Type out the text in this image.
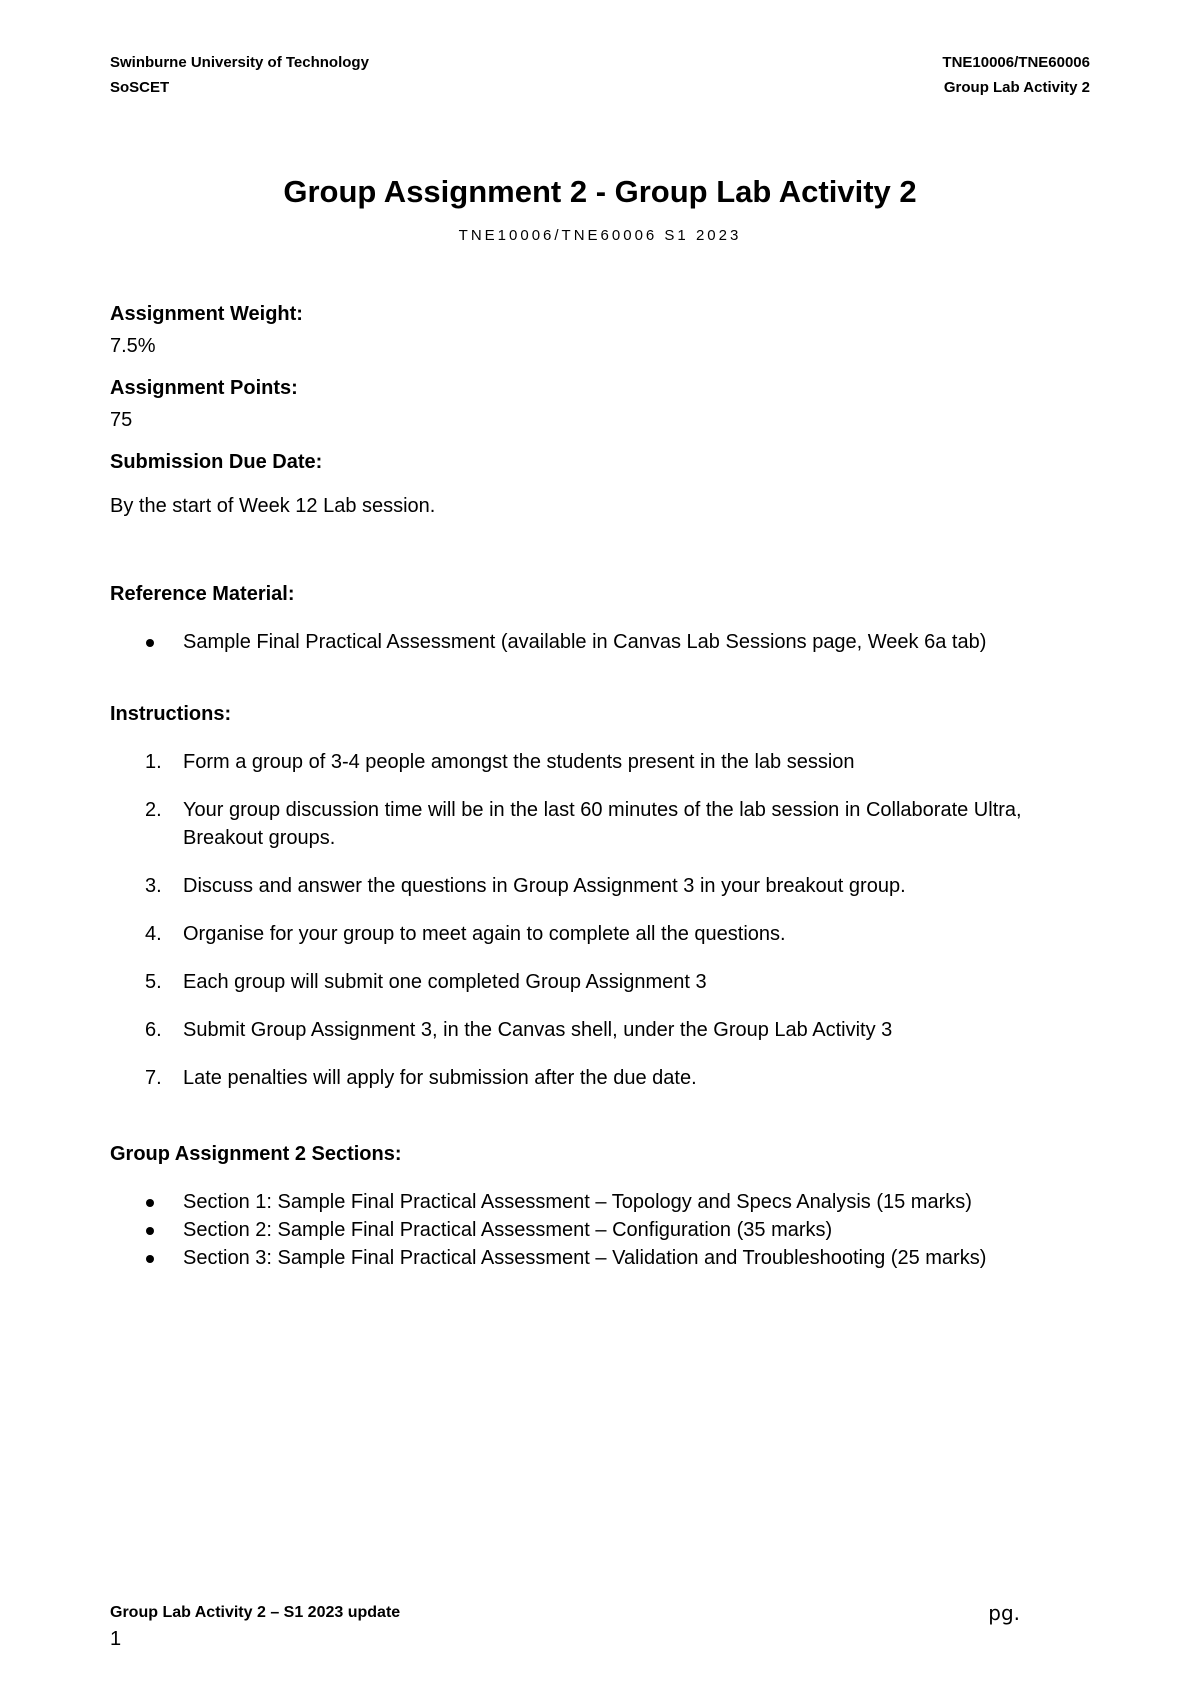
Swinburne University of Technology
SoSCET
TNE10006/TNE60006
Group Lab Activity 2
Group Assignment 2 - Group Lab Activity 2
TNE10006/TNE60006 S1 2023
Assignment Weight:
7.5%
Assignment Points:
75
Submission Due Date:
By the start of Week 12 Lab session.
Reference Material:
Sample Final Practical Assessment (available in Canvas Lab Sessions page, Week 6a tab)
Instructions:
1. Form a group of 3-4 people amongst the students present in the lab session
2. Your group discussion time will be in the last 60 minutes of the lab session in Collaborate Ultra, Breakout groups.
3. Discuss and answer the questions in Group Assignment 3 in your breakout group.
4. Organise for your group to meet again to complete all the questions.
5. Each group will submit one completed Group Assignment 3
6. Submit Group Assignment 3, in the Canvas shell, under the Group Lab Activity 3
7. Late penalties will apply for submission after the due date.
Group Assignment 2 Sections:
Section 1: Sample Final Practical Assessment – Topology and Specs Analysis (15 marks)
Section 2: Sample Final Practical Assessment – Configuration (35 marks)
Section 3: Sample Final Practical Assessment – Validation and Troubleshooting (25 marks)
Group Lab Activity 2 – S1 2023 update	pg.
1
